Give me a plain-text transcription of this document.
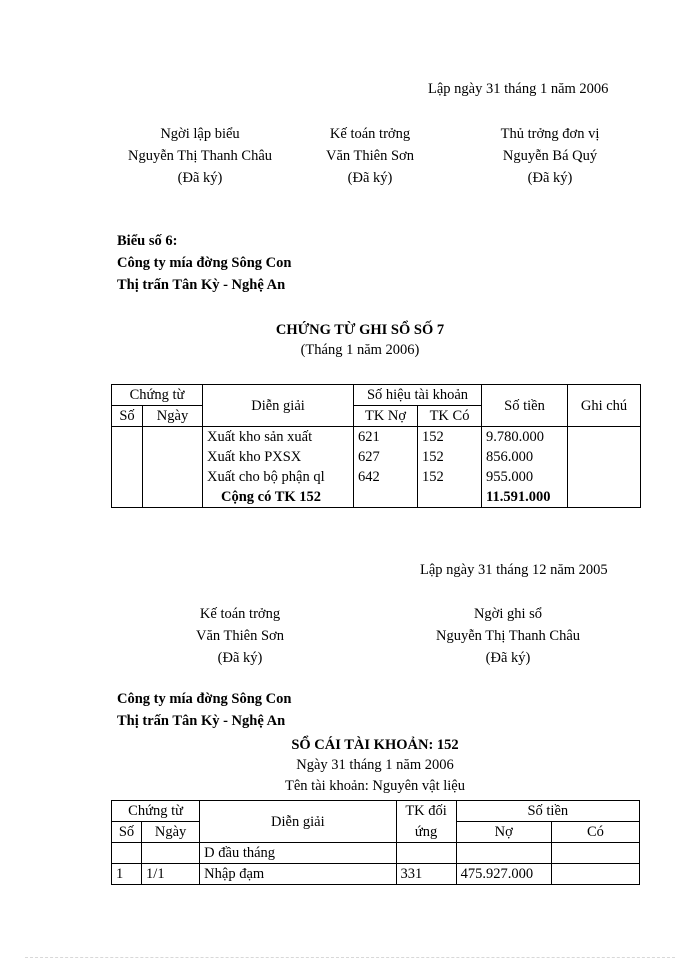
Lập ngày 31 tháng 1 năm 2006
Ngời lập biểu
Nguyễn Thị Thanh Châu
(Đã ký)
Kế toán trởng
Văn Thiên Sơn
(Đã ký)
Thủ trởng đơn vị
Nguyễn Bá Quý
(Đã ký)
Biểu số 6:
Công ty mía đờng Sông Con
Thị trấn Tân Kỳ - Nghệ An
CHỨNG TỪ GHI SỔ SỐ 7
(Tháng 1 năm 2006)
Chứng từ		Diễn giải	Số hiệu tài khoản		Số tiền	Ghi chú
Số	Ngày		TK Nợ	TK Có		
		Xuất kho sản xuất	621	152	9.780.000	
		Xuất kho PXSX	627	152	856.000	
		Xuất cho bộ phận ql	642	152	955.000	
		Cộng có TK 152			11.591.000	
Lập ngày 31 tháng 12 năm 2005
Kế toán trởng
Văn Thiên Sơn
(Đã ký)
Ngời ghi sổ
Nguyễn Thị Thanh Châu
(Đã ký)
Công ty mía đờng Sông Con
Thị trấn Tân Kỳ - Nghệ An
SỔ CÁI TÀI KHOẢN: 152
Ngày 31 tháng 1 năm 2006
Tên tài khoản: Nguyên vật liệu
Chứng từ		Diễn giải	TK đối	Số tiền	
Số	Ngày		ứng	Nợ	Có
		D đầu tháng			
1	1/1	Nhập đạm	331	475.927.000	
